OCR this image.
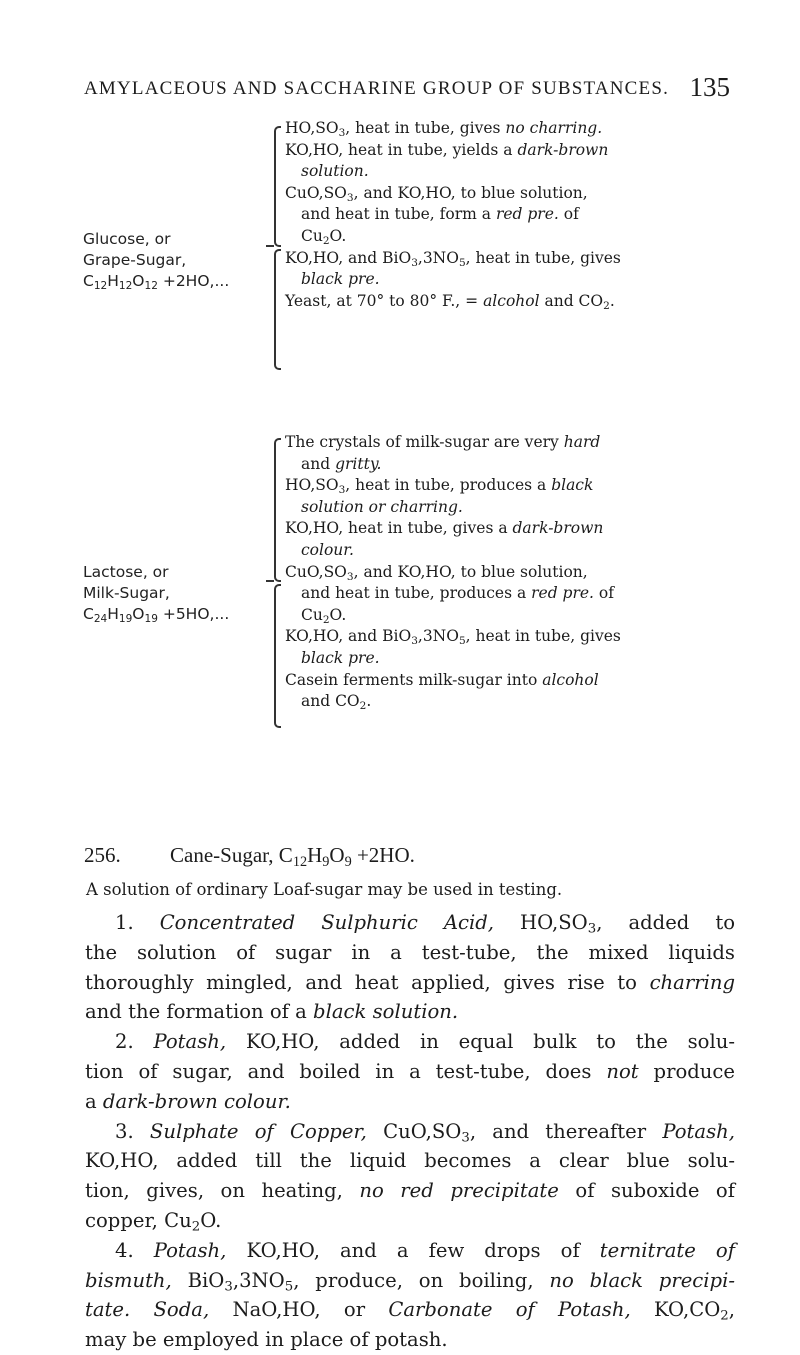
AMYLACEOUS AND SACCHARINE GROUP OF SUBSTANCES. 135
Glucose, or
Grape-Sugar,
$C_{12}H_{12}O_{12} +2HO$,...
$HO,SO_3$, heat in tube, gives no charring.
KO,HO, heat in tube, yields a dark-brown
solution.
$CuO,SO_3$, and KO,HO, to blue solution,
and heat in tube, form a red pre. of
$Cu_2O$.
KO,HO, and $BiO_3,3NO_5$, heat in tube, gives
black pre.
Yeast, at 70° to 80° F., = alcohol and $CO_2$.
Lactose, or
Milk-Sugar,
$C_{24}H_{19}O_{19} +5HO$,...
The crystals of milk-sugar are very hard
and gritty.
$HO,SO_3$, heat in tube, produces a black
solution or charring.
KO,HO, heat in tube, gives a dark-brown
colour.
$CuO,SO_3$, and KO,HO, to blue solution,
and heat in tube, produces a red pre. of
$Cu_2O$.
KO,HO, and $BiO_3,3NO_5$, heat in tube, gives
black pre.
Casein ferments milk-sugar into alcohol
and $CO_2$.
256. Cane-Sugar, $C_{12}H_9O_9 +2HO$.
A solution of ordinary Loaf-sugar may be used in testing.
1. Concentrated Sulphuric Acid, $HO,SO_3$, added to
the solution of sugar in a test-tube, the mixed liquids
thoroughly mingled, and heat applied, gives rise to charring
and the formation of a black solution.
2. Potash, KO,HO, added in equal bulk to the solu-
tion of sugar, and boiled in a test-tube, does not produce
a dark-brown colour.
3. Sulphate of Copper, $CuO,SO_3$, and thereafter Potash,
KO,HO, added till the liquid becomes a clear blue solu-
tion, gives, on heating, no red precipitate of suboxide of
copper, $Cu_2O$.
4. Potash, KO,HO, and a few drops of ternitrate of
bismuth, $BiO_3,3NO_5$, produce, on boiling, no black precipi-
tate. Soda, NaO,HO, or Carbonate of Potash, $KO,CO_2$,
may be employed in place of potash.
